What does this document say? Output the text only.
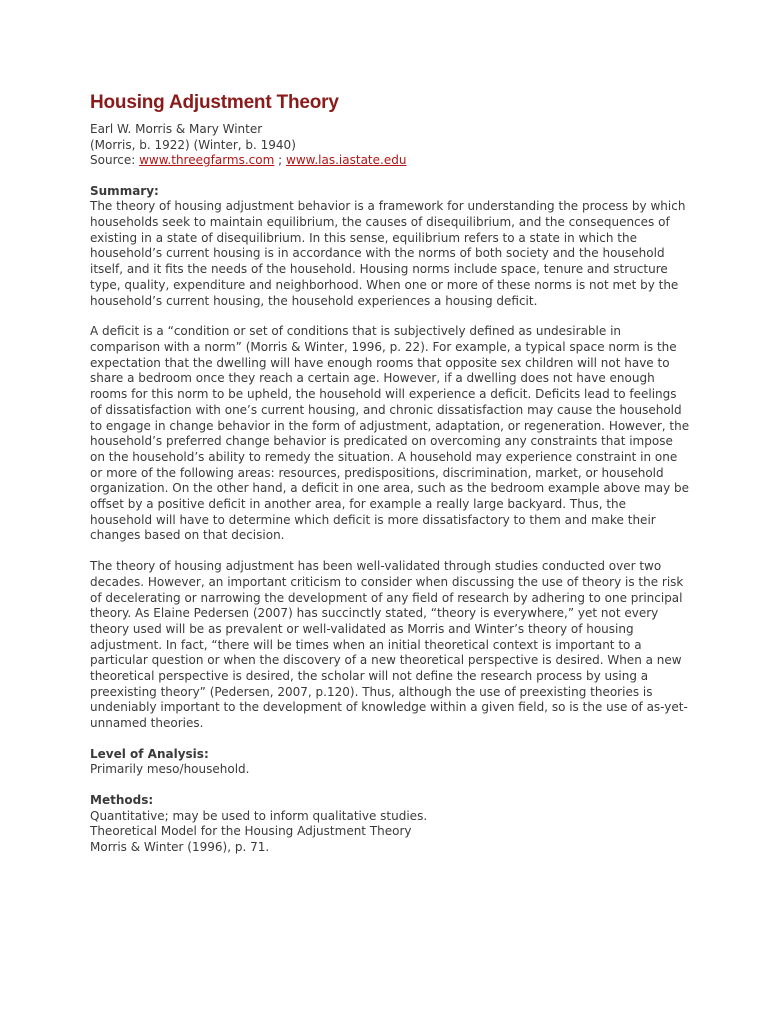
Housing Adjustment Theory

Earl W. Morris & Mary Winter

(Morris, b. 1922) (Winter, b. 1940)

Source: www.threegfarms.com ; www.las.iastate.edu

Summary:

The theory of housing adjustment behavior is a framework for understanding the process by which households seek to maintain equilibrium, the causes of disequilibrium, and the consequences of existing in a state of disequilibrium. In this sense, equilibrium refers to a state in which the household’s current housing is in accordance with the norms of both society and the household itself, and it fits the needs of the household. Housing norms include space, tenure and structure type, quality, expenditure and neighborhood. When one or more of these norms is not met by the household’s current housing, the household experiences a housing deficit.

A deficit is a “condition or set of conditions that is subjectively defined as undesirable in comparison with a norm” (Morris & Winter, 1996, p. 22). For example, a typical space norm is the expectation that the dwelling will have enough rooms that opposite sex children will not have to share a bedroom once they reach a certain age. However, if a dwelling does not have enough rooms for this norm to be upheld, the household will experience a deficit. Deficits lead to feelings of dissatisfaction with one’s current housing, and chronic dissatisfaction may cause the household to engage in change behavior in the form of adjustment, adaptation, or regeneration. However, the household’s preferred change behavior is predicated on overcoming any constraints that impose on the household’s ability to remedy the situation. A household may experience constraint in one or more of the following areas: resources, predispositions, discrimination, market, or household organization. On the other hand, a deficit in one area, such as the bedroom example above may be offset by a positive deficit in another area, for example a really large backyard. Thus, the household will have to determine which deficit is more dissatisfactory to them and make their changes based on that decision.

The theory of housing adjustment has been well-validated through studies conducted over two decades. However, an important criticism to consider when discussing the use of theory is the risk of decelerating or narrowing the development of any field of research by adhering to one principal theory. As Elaine Pedersen (2007) has succinctly stated, “theory is everywhere,” yet not every theory used will be as prevalent or well-validated as Morris and Winter’s theory of housing adjustment. In fact, “there will be times when an initial theoretical context is important to a particular question or when the discovery of a new theoretical perspective is desired. When a new theoretical perspective is desired, the scholar will not define the research process by using a preexisting theory” (Pedersen, 2007, p.120). Thus, although the use of preexisting theories is undeniably important to the development of knowledge within a given field, so is the use of as-yet-unnamed theories.

Level of Analysis:

Primarily meso/household.

Methods:

Quantitative; may be used to inform qualitative studies.

Theoretical Model for the Housing Adjustment Theory

Morris & Winter (1996), p. 71.
